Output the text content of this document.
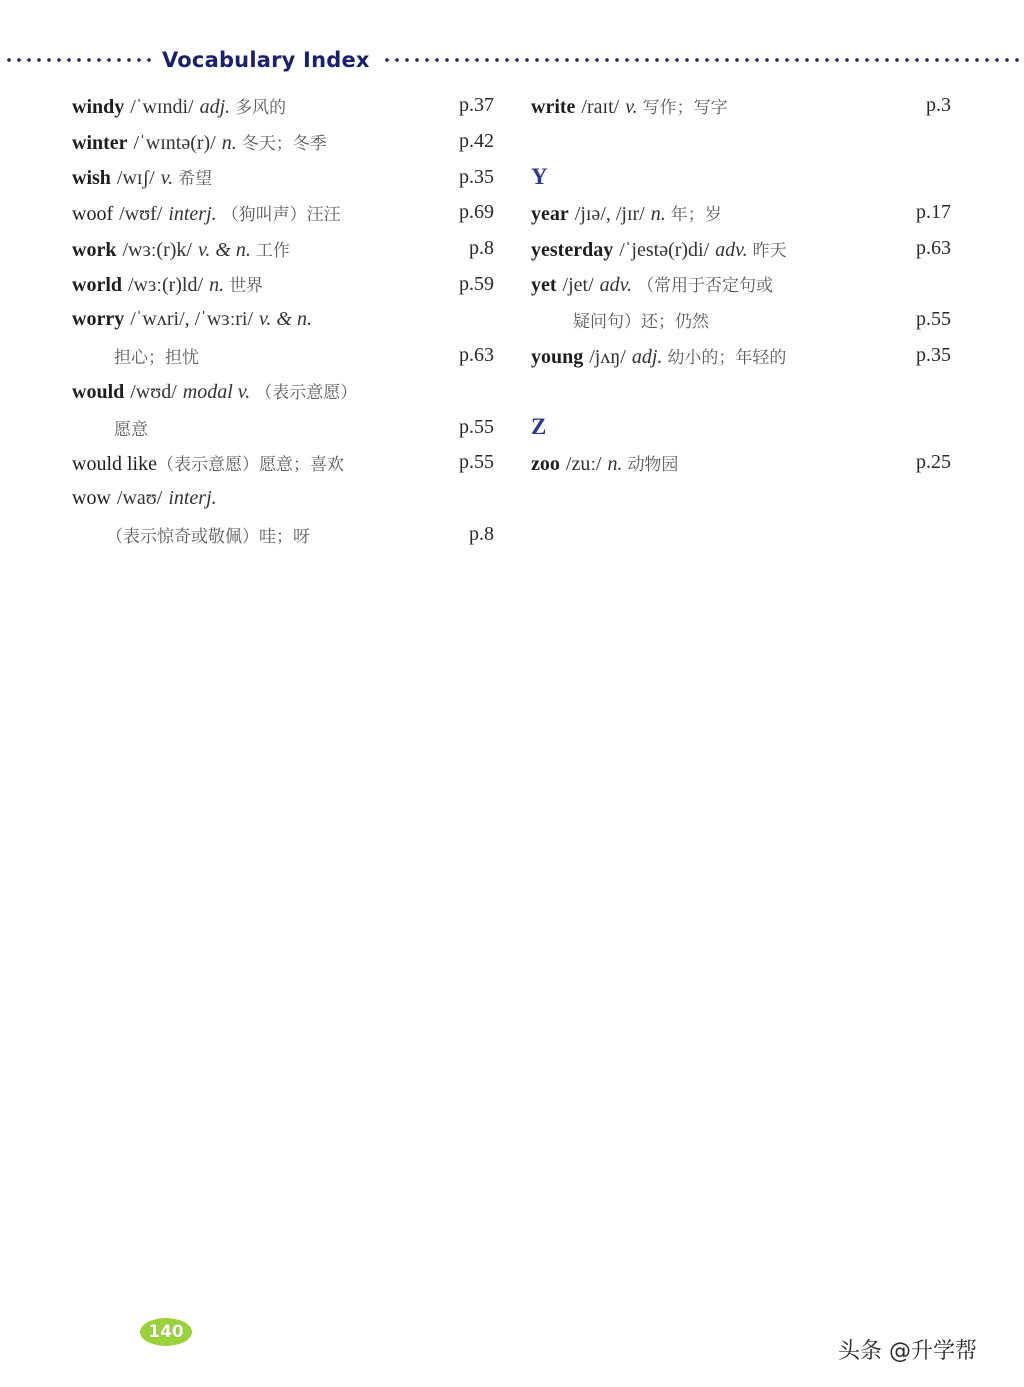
Vocabulary Index
windy /ˈwɪndi/ adj. 多风的	p.37
winter /ˈwɪntə(r)/ n. 冬天；冬季	p.42
wish /wɪʃ/ v. 希望	p.35
woof /wʊf/ interj. （狗叫声）汪汪	p.69
work /wɜː(r)k/ v. & n. 工作	p.8
world /wɜː(r)ld/ n. 世界	p.59
worry /ˈwʌri/, /ˈwɜːri/ v. & n.
担心；担忧	p.63
would /wʊd/ modal v. （表示意愿）
愿意	p.55
would like （表示意愿）愿意；喜欢	p.55
wow /waʊ/ interj.
（表示惊奇或敬佩）哇；呀	p.8
write /raɪt/ v. 写作；写字	p.3
Y
year /jɪə/, /jɪr/ n. 年；岁	p.17
yesterday /ˈjestə(r)di/ adv. 昨天	p.63
yet /jet/ adv. （常用于否定句或
疑问句）还；仍然	p.55
young /jʌŋ/ adj. 幼小的；年轻的	p.35
Z
zoo /zuː/ n. 动物园	p.25
140
头条 @升学帮
